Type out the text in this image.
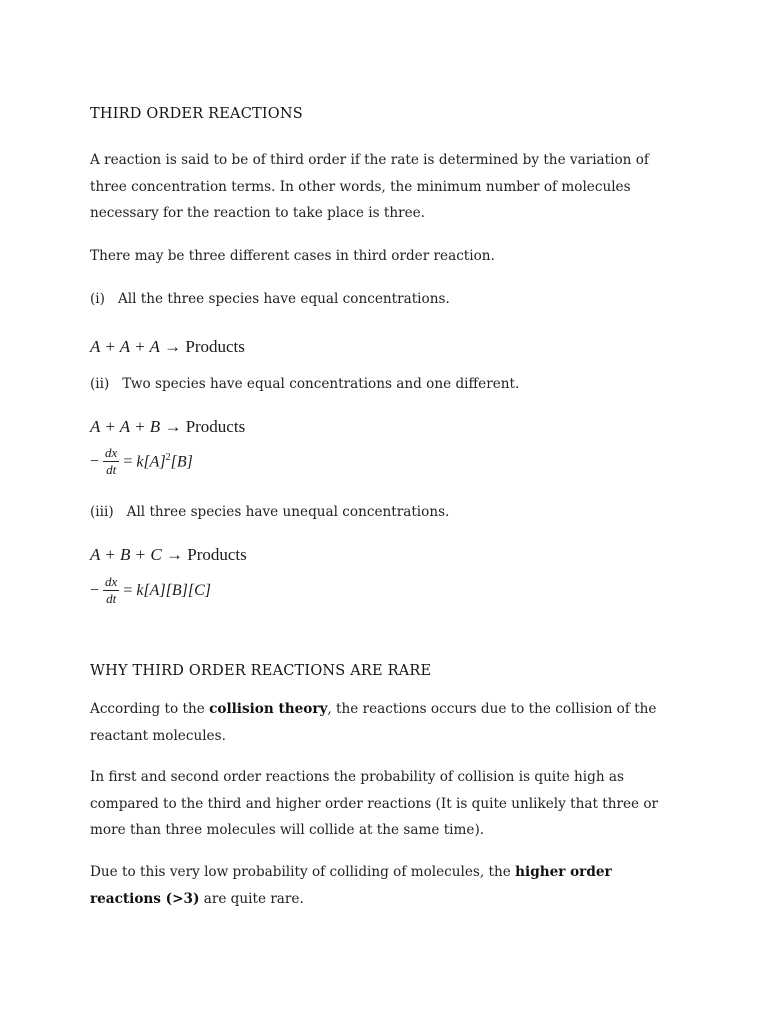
THIRD ORDER REACTIONS

A reaction is said to be of third order if the rate is determined by the variation of three concentration terms. In other words, the minimum number of molecules necessary for the reaction to take place is three.

There may be three different cases in third order reaction.

(i) All the three species have equal concentrations.

A + A + A → Products

(ii) Two species have equal concentrations and one different.

A + A + B → Products
− $\frac{dx}{dt} = k[A]^2[B]$

(iii) All three species have unequal concentrations.

A + B + C → Products
− $\frac{dx}{dt} = k[A][B][C]$
WHY THIRD ORDER REACTIONS ARE RARE

According to the collision theory, the reactions occurs due to the collision of the reactant molecules.

In first and second order reactions the probability of collision is quite high as compared to the third and higher order reactions (It is quite unlikely that three or more than three molecules will collide at the same time).

Due to this very low probability of colliding of molecules, the higher order reactions (>3) are quite rare.
